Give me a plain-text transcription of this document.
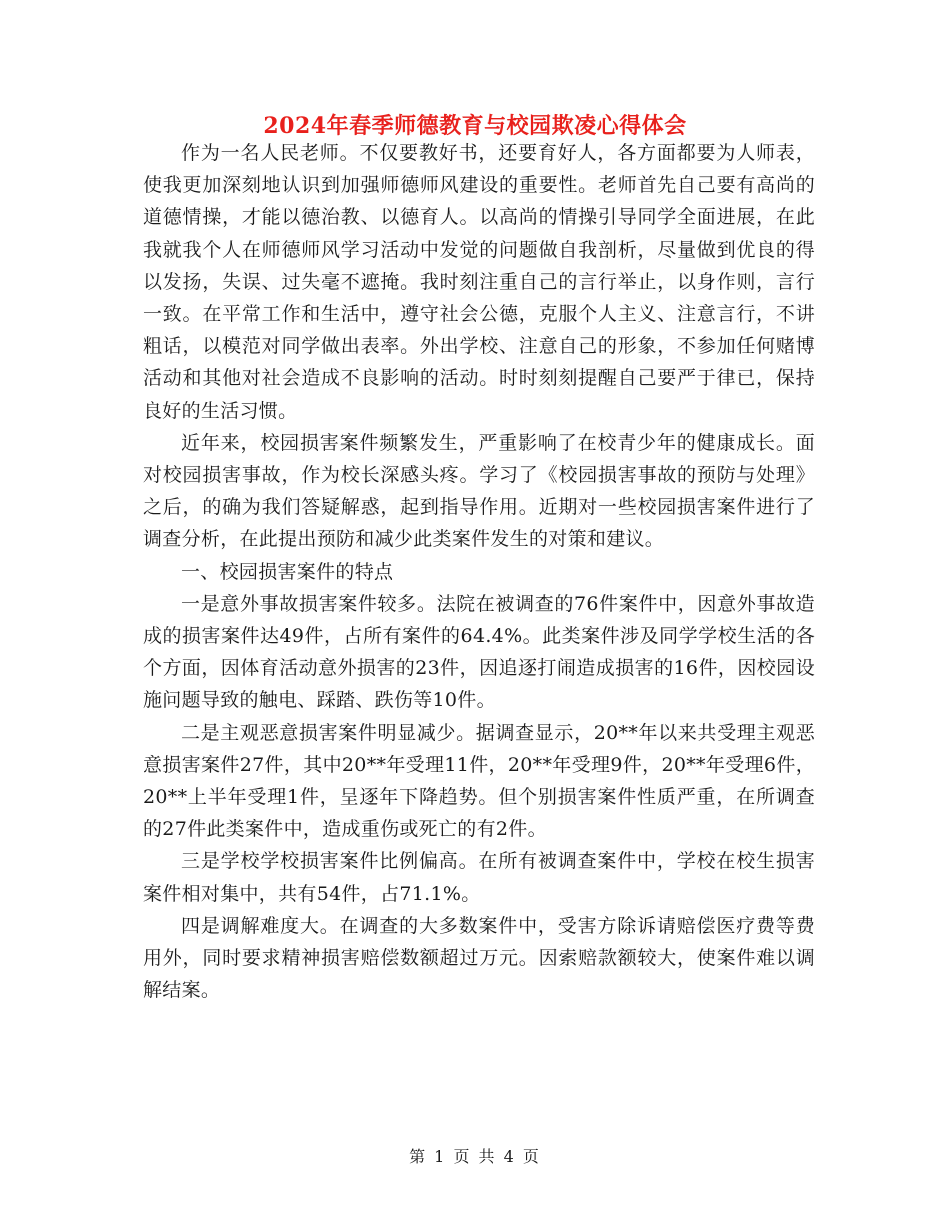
2024年春季师德教育与校园欺凌心得体会

作为一名人民老师。不仅要教好书，还要育好人，各方面都要为人师表，使我更加深刻地认识到加强师德师风建设的重要性。老师首先自己要有高尚的道德情操，才能以德治教、以德育人。以高尚的情操引导同学全面进展，在此我就我个人在师德师风学习活动中发觉的问题做自我剖析，尽量做到优良的得以发扬，失误、过失毫不遮掩。我时刻注重自己的言行举止，以身作则，言行一致。在平常工作和生活中，遵守社会公德，克服个人主义、注意言行，不讲粗话，以模范对同学做出表率。外出学校、注意自己的形象，不参加任何赌博活动和其他对社会造成不良影响的活动。时时刻刻提醒自己要严于律已，保持良好的生活习惯。

近年来，校园损害案件频繁发生，严重影响了在校青少年的健康成长。面对校园损害事故，作为校长深感头疼。学习了《校园损害事故的预防与处理》之后，的确为我们答疑解惑，起到指导作用。近期对一些校园损害案件进行了调查分析，在此提出预防和减少此类案件发生的对策和建议。

一、校园损害案件的特点

一是意外事故损害案件较多。法院在被调查的76件案件中，因意外事故造成的损害案件达49件，占所有案件的64.4%。此类案件涉及同学学校生活的各个方面，因体育活动意外损害的23件，因追逐打闹造成损害的16件，因校园设施问题导致的触电、踩踏、跌伤等10件。

二是主观恶意损害案件明显减少。据调查显示，20**年以来共受理主观恶意损害案件27件，其中20**年受理11件，20**年受理9件，20**年受理6件，20**上半年受理1件，呈逐年下降趋势。但个别损害案件性质严重，在所调查的27件此类案件中，造成重伤或死亡的有2件。

三是学校学校损害案件比例偏高。在所有被调查案件中，学校在校生损害案件相对集中，共有54件，占71.1%。

四是调解难度大。在调查的大多数案件中，受害方除诉请赔偿医疗费等费用外，同时要求精神损害赔偿数额超过万元。因索赔款额较大，使案件难以调解结案。

第 1 页 共 4 页
